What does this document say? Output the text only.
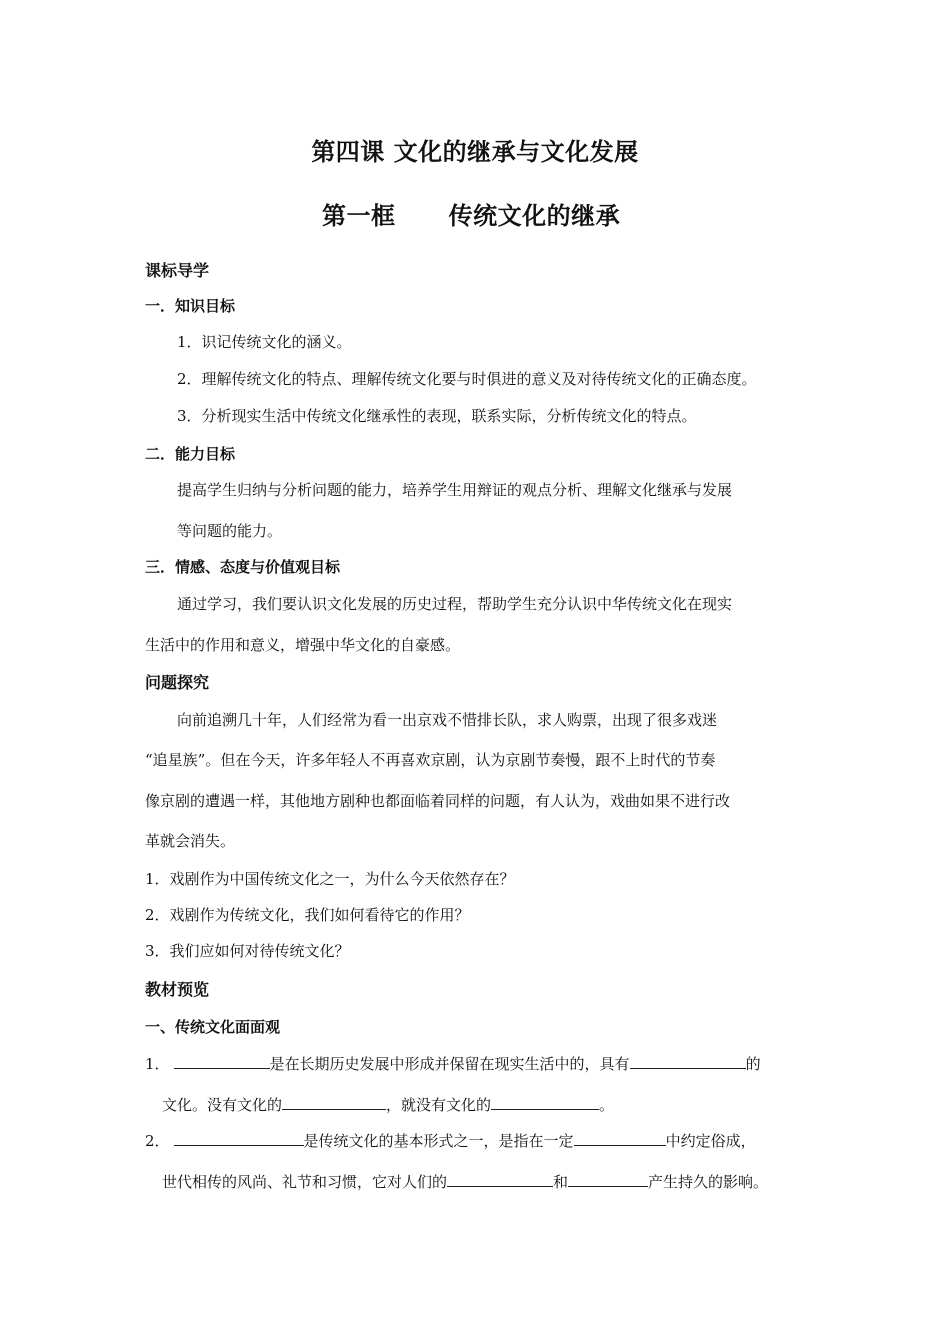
第四课 文化的继承与文化发展
第一框      传统文化的继承
课标导学
一．知识目标
1．识记传统文化的涵义。
2．理解传统文化的特点、理解传统文化要与时俱进的意义及对待传统文化的正确态度。
3．分析现实生活中传统文化继承性的表现，联系实际，分析传统文化的特点。
二．能力目标
提高学生归纳与分析问题的能力，培养学生用辩证的观点分析、理解文化继承与发展
等问题的能力。
三．情感、态度与价值观目标
通过学习，我们要认识文化发展的历史过程，帮助学生充分认识中华传统文化在现实
生活中的作用和意义，增强中华文化的自豪感。
问题探究
向前追溯几十年，人们经常为看一出京戏不惜排长队，求人购票，出现了很多戏迷
“追星族”。但在今天，许多年轻人不再喜欢京剧，认为京剧节奏慢，跟不上时代的节奏
像京剧的遭遇一样，其他地方剧种也都面临着同样的问题，有人认为，戏曲如果不进行改
革就会消失。
1．戏剧作为中国传统文化之一，为什么今天依然存在？
2．戏剧作为传统文化，我们如何看待它的作用？
3．我们应如何对待传统文化？
教材预览
一、传统文化面面观
1．	是在长期历史发展中形成并保留在现实生活中的，具有	的
文化。没有文化的	，就没有文化的	。
2．	是传统文化的基本形式之一，是指在一定	中约定俗成，
世代相传的风尚、礼节和习惯，它对人们的	和	产生持久的影响。
